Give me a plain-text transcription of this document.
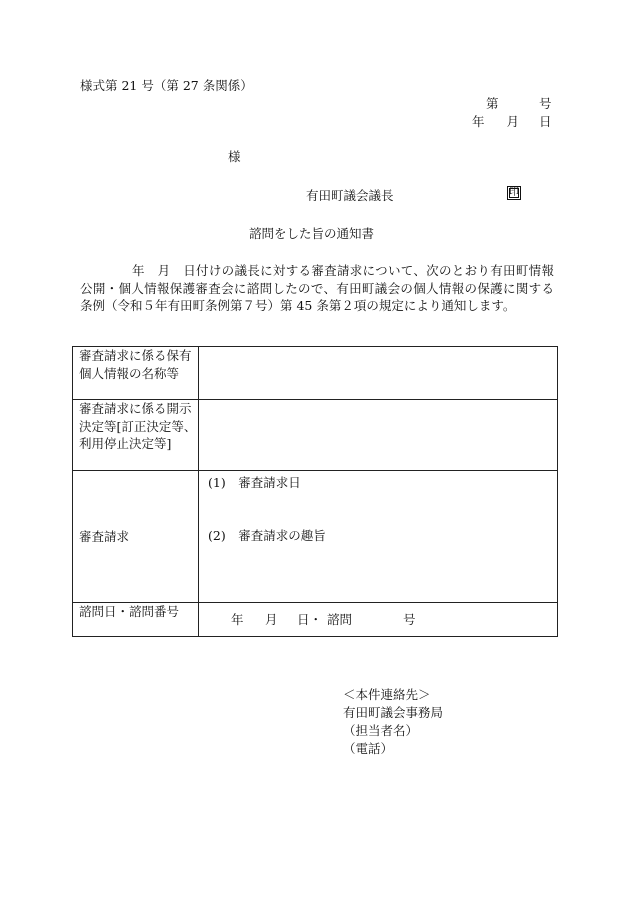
様式第 21 号（第 27 条関係）
第	号
年 月 日
様
有田町議会議長	印
諮問をした旨の通知書
年　月　日付けの議長に対する審査請求について、次のとおり有田町情報公開・個人情報保護審査会に諮問したので、有田町議会の個人情報の保護に関する条例（令和５年有田町条例第７号）第 45 条第２項の規定により通知します。
審査請求に係る保有個人情報の名称等	
審査請求に係る開示決定等[訂正決定等、利用停止決定等]	
審査請求	(1)　審査請求日
(2)　審査請求の趣旨

諮問日・諮問番号	年 月 日・ 諮問 号
＜本件連絡先＞
有田町議会事務局
（担当者名）
（電話）
